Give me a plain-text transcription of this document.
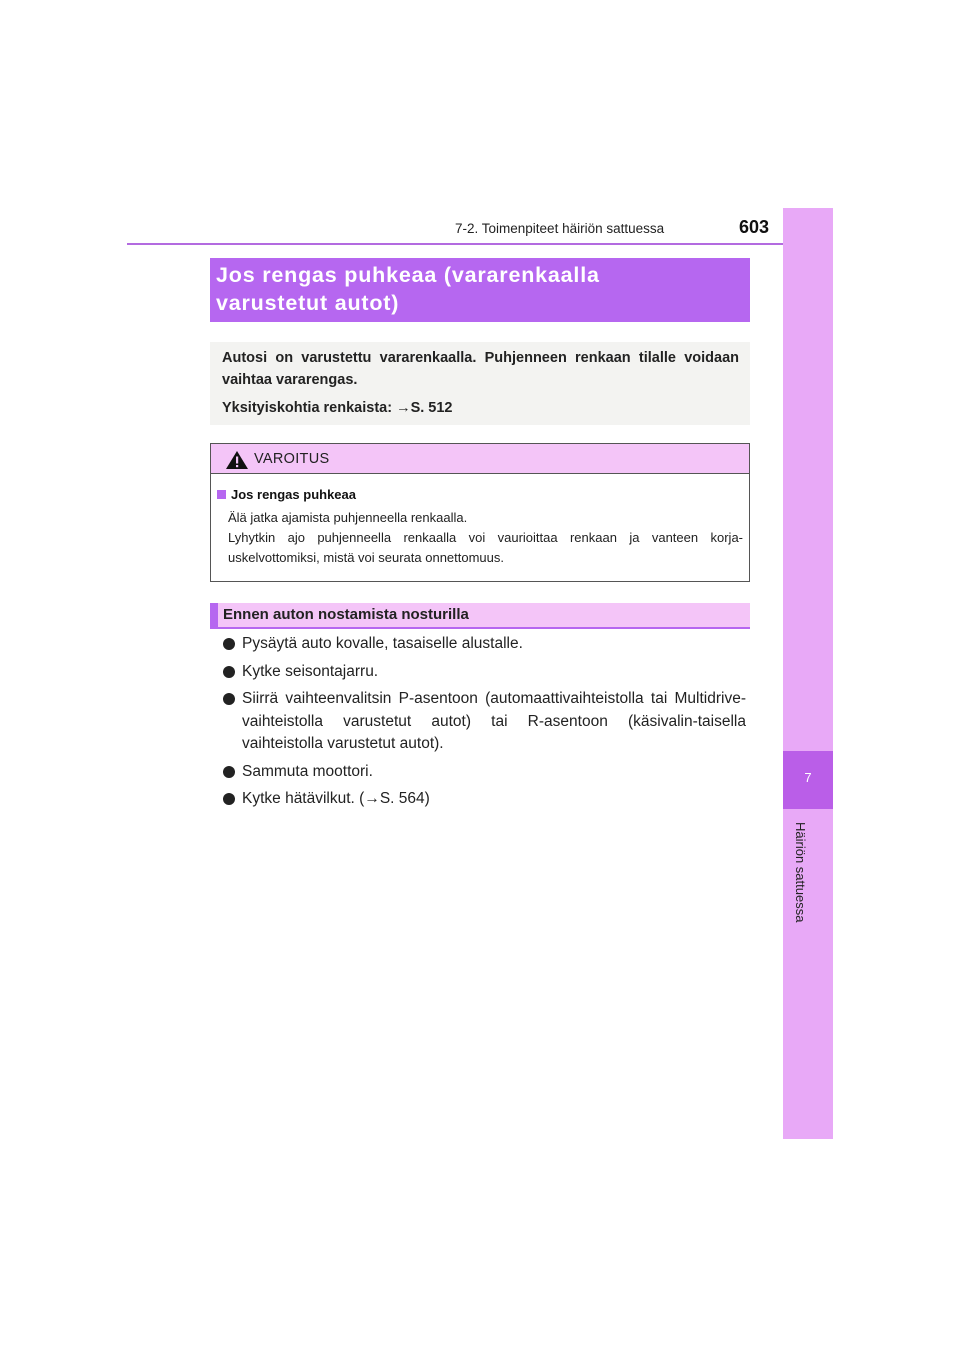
7-2. Toimenpiteet häiriön sattuessa	603
7
Häiriön sattuessa
Jos rengas puhkeaa (vararenkaalla
varustetut autot)

Autosi on varustettu vararenkaalla. Puhjenneen renkaan tilalle voidaan vaihtaa vararengas.

Yksityiskohtia renkaista: →S. 512

VAROITUS
Jos rengas puhkeaa

Älä jatka ajamista puhjenneella renkaalla.

Lyhytkin ajo puhjenneella renkaalla voi vaurioittaa renkaan ja vanteen korja-uskelvottomiksi, mistä voi seurata onnettomuus.

Ennen auton nostamista nosturilla
Pysäytä auto kovalle, tasaiselle alustalle.
Kytke seisontajarru.
Siirrä vaihteenvalitsin P-asentoon (automaattivaihteistolla tai Multidrive-vaihteistolla varustetut autot) tai R-asentoon (käsivalin-taisella vaihteistolla varustetut autot).
Sammuta moottori.
Kytke hätävilkut. (→S. 564)
